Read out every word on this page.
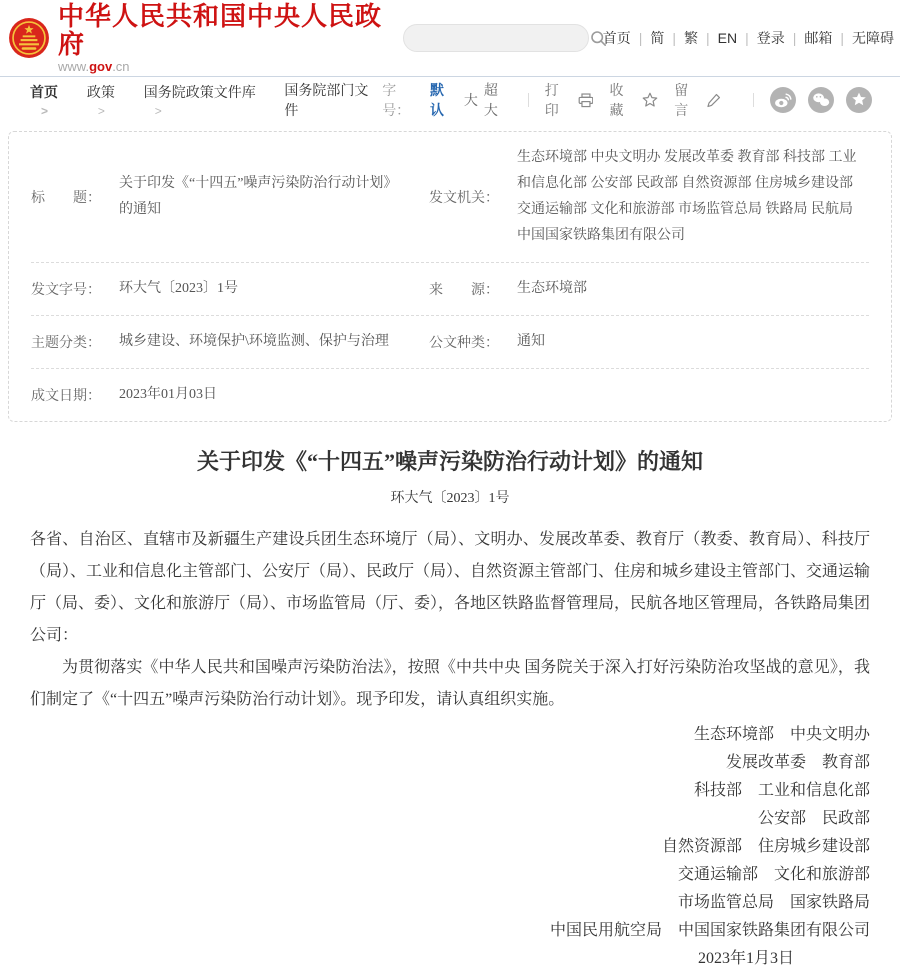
中华人民共和国中央人民政府
www.gov.cn
首页	| 简	| 繁	| EN	| 登录	| 邮箱	| 无障碍
首页 >	政策 >	国务院政策文件库 >	国务院部门文件
字号：
默认
大
超大
打印
收藏
留言
标　　题：
关于印发《“十四五”噪声污染防治行动计划》的通知
发文机关：
生态环境部 中央文明办 发展改革委 教育部 科技部 工业和信息化部 公安部 民政部 自然资源部 住房城乡建设部 交通运输部 文化和旅游部 市场监管总局 铁路局 民航局 中国国家铁路集团有限公司
发文字号： 环大气〔2023〕1号	来　　源： 生态环境部
主题分类： 城乡建设、环境保护\环境监测、保护与治理	公文种类： 通知
成文日期： 2023年01月03日
关于印发《“十四五”噪声污染防治行动计划》的通知
环大气〔2023〕1号

各省、自治区、直辖市及新疆生产建设兵团生态环境厅（局）、文明办、发展改革委、教育厅（教委、教育局）、科技厅（局）、工业和信息化主管部门、公安厅（局）、民政厅（局）、自然资源主管部门、住房和城乡建设主管部门、交通运输厅（局、委）、文化和旅游厅（局）、市场监管局（厅、委），各地区铁路监督管理局，民航各地区管理局，各铁路局集团公司：

为贯彻落实《中华人民共和国噪声污染防治法》，按照《中共中央 国务院关于深入打好污染防治攻坚战的意见》，我们制定了《“十四五”噪声污染防治行动计划》。现予印发，请认真组织实施。

生态环境部　中央文明办
发展改革委　教育部
科技部　工业和信息化部
公安部　民政部
自然资源部　住房城乡建设部
交通运输部　文化和旅游部
市场监管总局　国家铁路局
中国民用航空局　中国国家铁路集团有限公司
2023年1月3日
